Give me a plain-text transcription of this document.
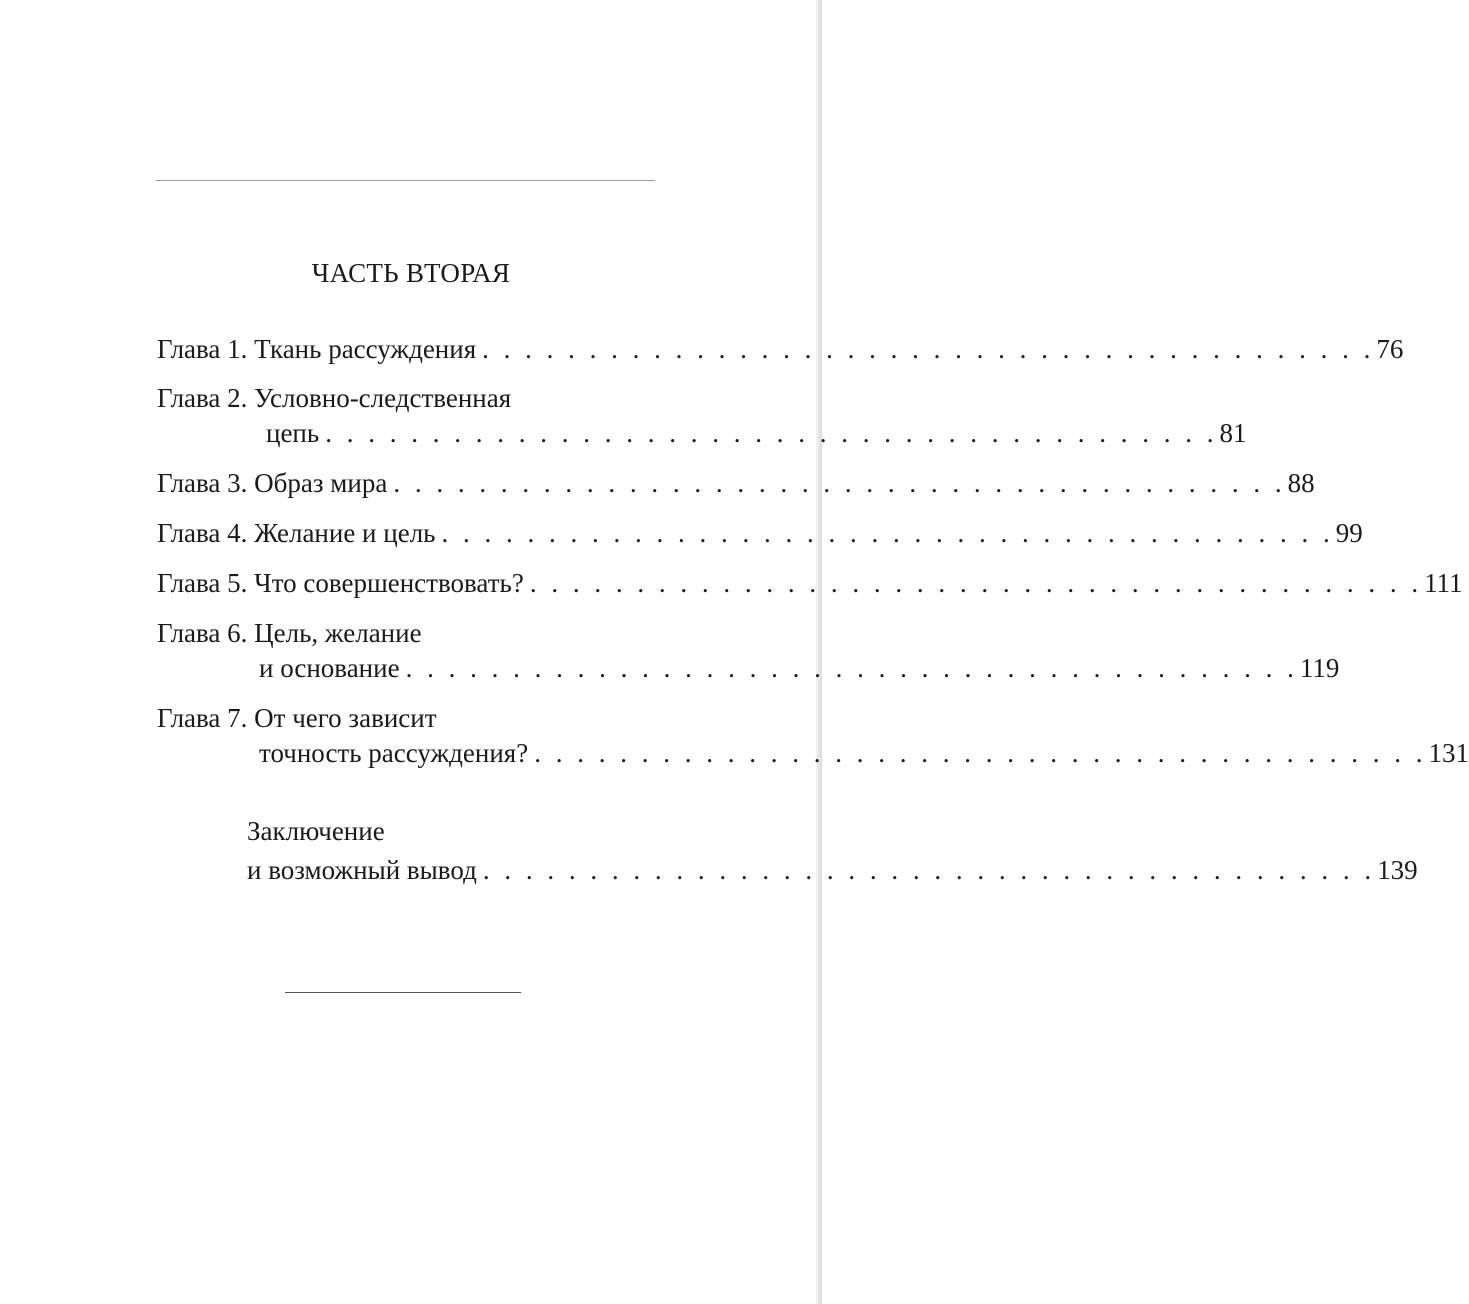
ЧАСТЬ ВТОРАЯ
Глава 1. Ткань рассуждения . . . . . . . . . . . . . . . . . . . . . . . . . . . . . . . . . . . . . . . . . . 76
Глава 2. Условно-следственная
цепь . . . . . . . . . . . . . . . . . . . . . . . . . . . . . . . . . . . . . . . . . . 81
Глава 3. Образ мира . . . . . . . . . . . . . . . . . . . . . . . . . . . . . . . . . . . . . . . . . . 88
Глава 4. Желание и цель . . . . . . . . . . . . . . . . . . . . . . . . . . . . . . . . . . . . . . . . . . 99
Глава 5. Что совершенствовать? . . . . . . . . . . . . . . . . . . . . . . . . . . . . . . . . . . . . . . . . . . 111
Глава 6. Цель, желание
и основание . . . . . . . . . . . . . . . . . . . . . . . . . . . . . . . . . . . . . . . . . . 119
Глава 7. От чего зависит
точность рассуждения? . . . . . . . . . . . . . . . . . . . . . . . . . . . . . . . . . . . . . . . . . . 131
Заключение
и возможный вывод . . . . . . . . . . . . . . . . . . . . . . . . . . . . . . . . . . . . . . . . . . 139
